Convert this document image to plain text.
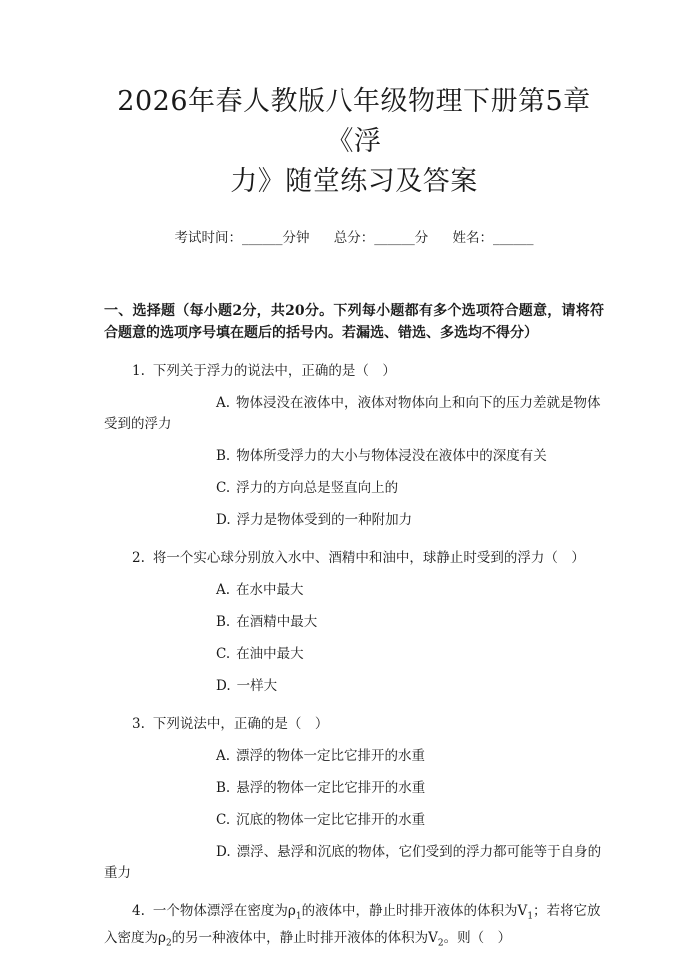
2026年春人教版八年级物理下册第5章《浮
力》随堂练习及答案
考试时间：______分钟 总分：______分 姓名：______
一、选择题（每小题2分，共20分。下列每小题都有多个选项符合题意，请将符合题意的选项序号填在题后的括号内。若漏选、错选、多选均不得分）
1. 下列关于浮力的说法中，正确的是（　）
A. 物体浸没在液体中，液体对物体向上和向下的压力差就是物体受到的浮力
B. 物体所受浮力的大小与物体浸没在液体中的深度有关
C. 浮力的方向总是竖直向上的
D. 浮力是物体受到的一种附加力
2. 将一个实心球分别放入水中、酒精中和油中，球静止时受到的浮力（　）
A. 在水中最大
B. 在酒精中最大
C. 在油中最大
D. 一样大
3. 下列说法中，正确的是（　）
A. 漂浮的物体一定比它排开的水重
B. 悬浮的物体一定比它排开的水重
C. 沉底的物体一定比它排开的水重
D. 漂浮、悬浮和沉底的物体，它们受到的浮力都可能等于自身的重力
4. 一个物体漂浮在密度为$\rho_1$的液体中，静止时排开液体的体积为$V_1$；若将它放入密度为$\rho_2$的另一种液体中，静止时排开液体的体积为$V_2$。则（　）
